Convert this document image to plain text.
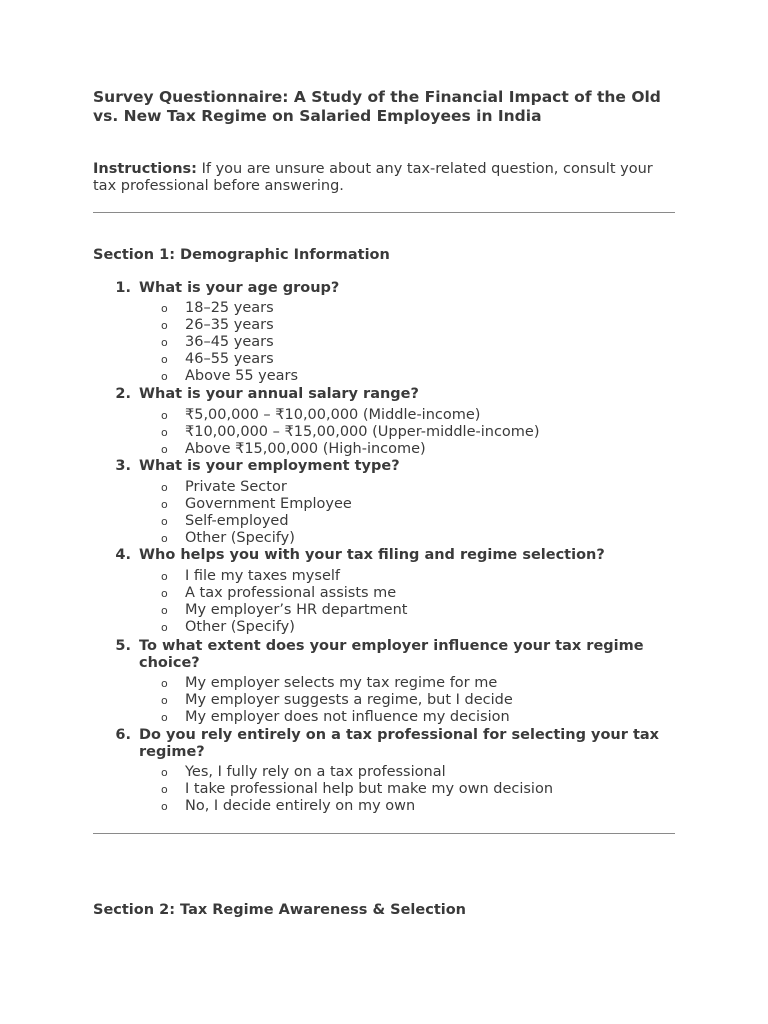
Survey Questionnaire: A Study of the Financial Impact of the Old vs. New Tax Regime on Salaried Employees in India

Instructions: If you are unsure about any tax-related question, consult your tax professional before answering.

Section 1: Demographic Information

1. What is your age group?

o 18–25 years
o 26–35 years
o 36–45 years
o 46–55 years
o Above 55 years

2. What is your annual salary range?

o ₹5,00,000 – ₹10,00,000 (Middle-income)
o ₹10,00,000 – ₹15,00,000 (Upper-middle-income)
o Above ₹15,00,000 (High-income)

3. What is your employment type?

o Private Sector
o Government Employee
o Self-employed
o Other (Specify)

4. Who helps you with your tax filing and regime selection?

o I file my taxes myself
o A tax professional assists me
o My employer’s HR department
o Other (Specify)

5. To what extent does your employer influence your tax regime choice?

o My employer selects my tax regime for me
o My employer suggests a regime, but I decide
o My employer does not influence my decision

6. Do you rely entirely on a tax professional for selecting your tax regime?

o Yes, I fully rely on a tax professional
o I take professional help but make my own decision
o No, I decide entirely on my own
Section 2: Tax Regime Awareness & Selection
